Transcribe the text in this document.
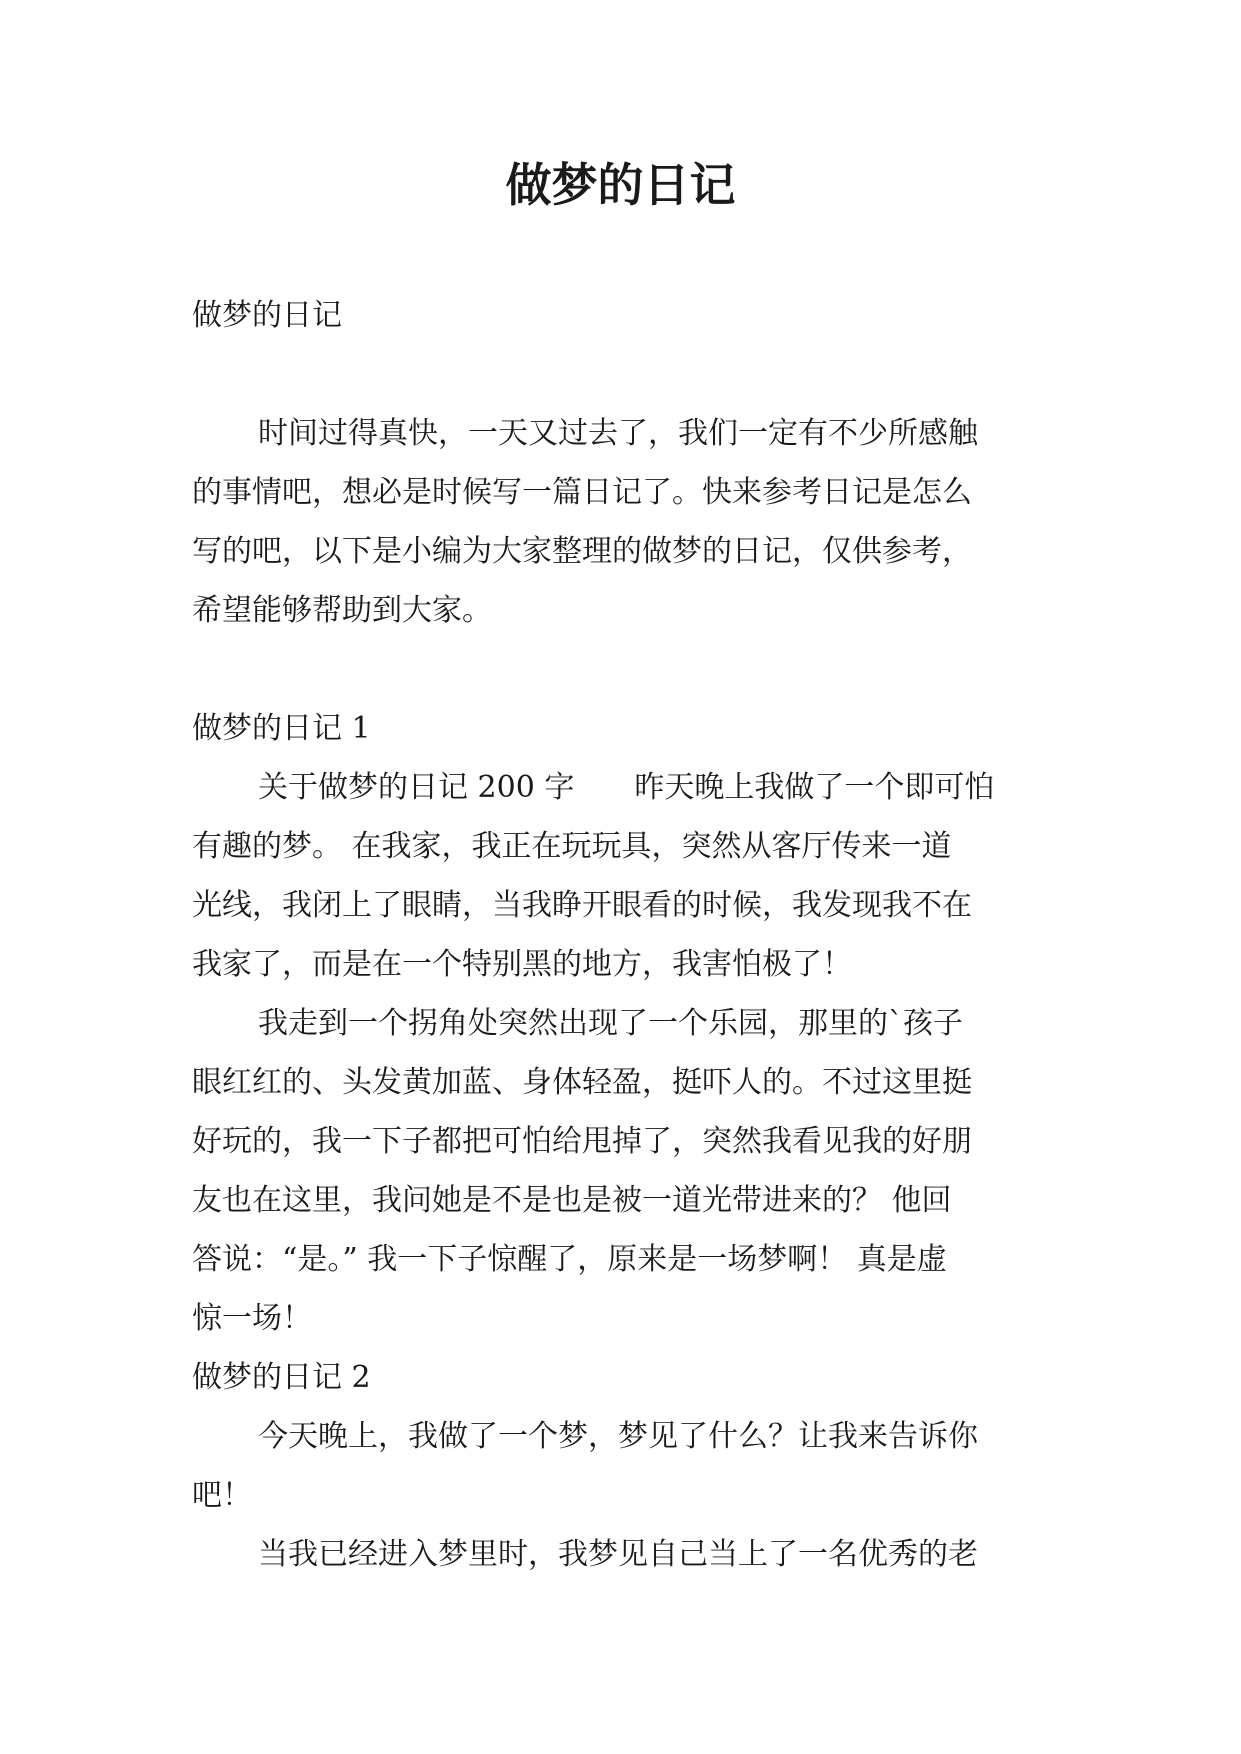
做梦的日记
做梦的日记
时间过得真快，一天又过去了，我们一定有不少所感触
的事情吧，想必是时候写一篇日记了。快来参考日记是怎么
写的吧，以下是小编为大家整理的做梦的日记，仅供参考，
希望能够帮助到大家。
做梦的日记 1
关于做梦的日记 200 字　　昨天晚上我做了一个即可怕
有趣的梦。 在我家，我正在玩玩具，突然从客厅传来一道
光线，我闭上了眼睛，当我睁开眼看的时候，我发现我不在
我家了，而是在一个特别黑的地方，我害怕极了！
我走到一个拐角处突然出现了一个乐园，那里的`孩子
眼红红的、头发黄加蓝、身体轻盈，挺吓人的。不过这里挺
好玩的，我一下子都把可怕给甩掉了，突然我看见我的好朋
友也在这里，我问她是不是也是被一道光带进来的？ 他回
答说：“是。” 我一下子惊醒了，原来是一场梦啊！ 真是虚
惊一场！
做梦的日记 2
今天晚上，我做了一个梦，梦见了什么？让我来告诉你
吧！
当我已经进入梦里时，我梦见自己当上了一名优秀的老
